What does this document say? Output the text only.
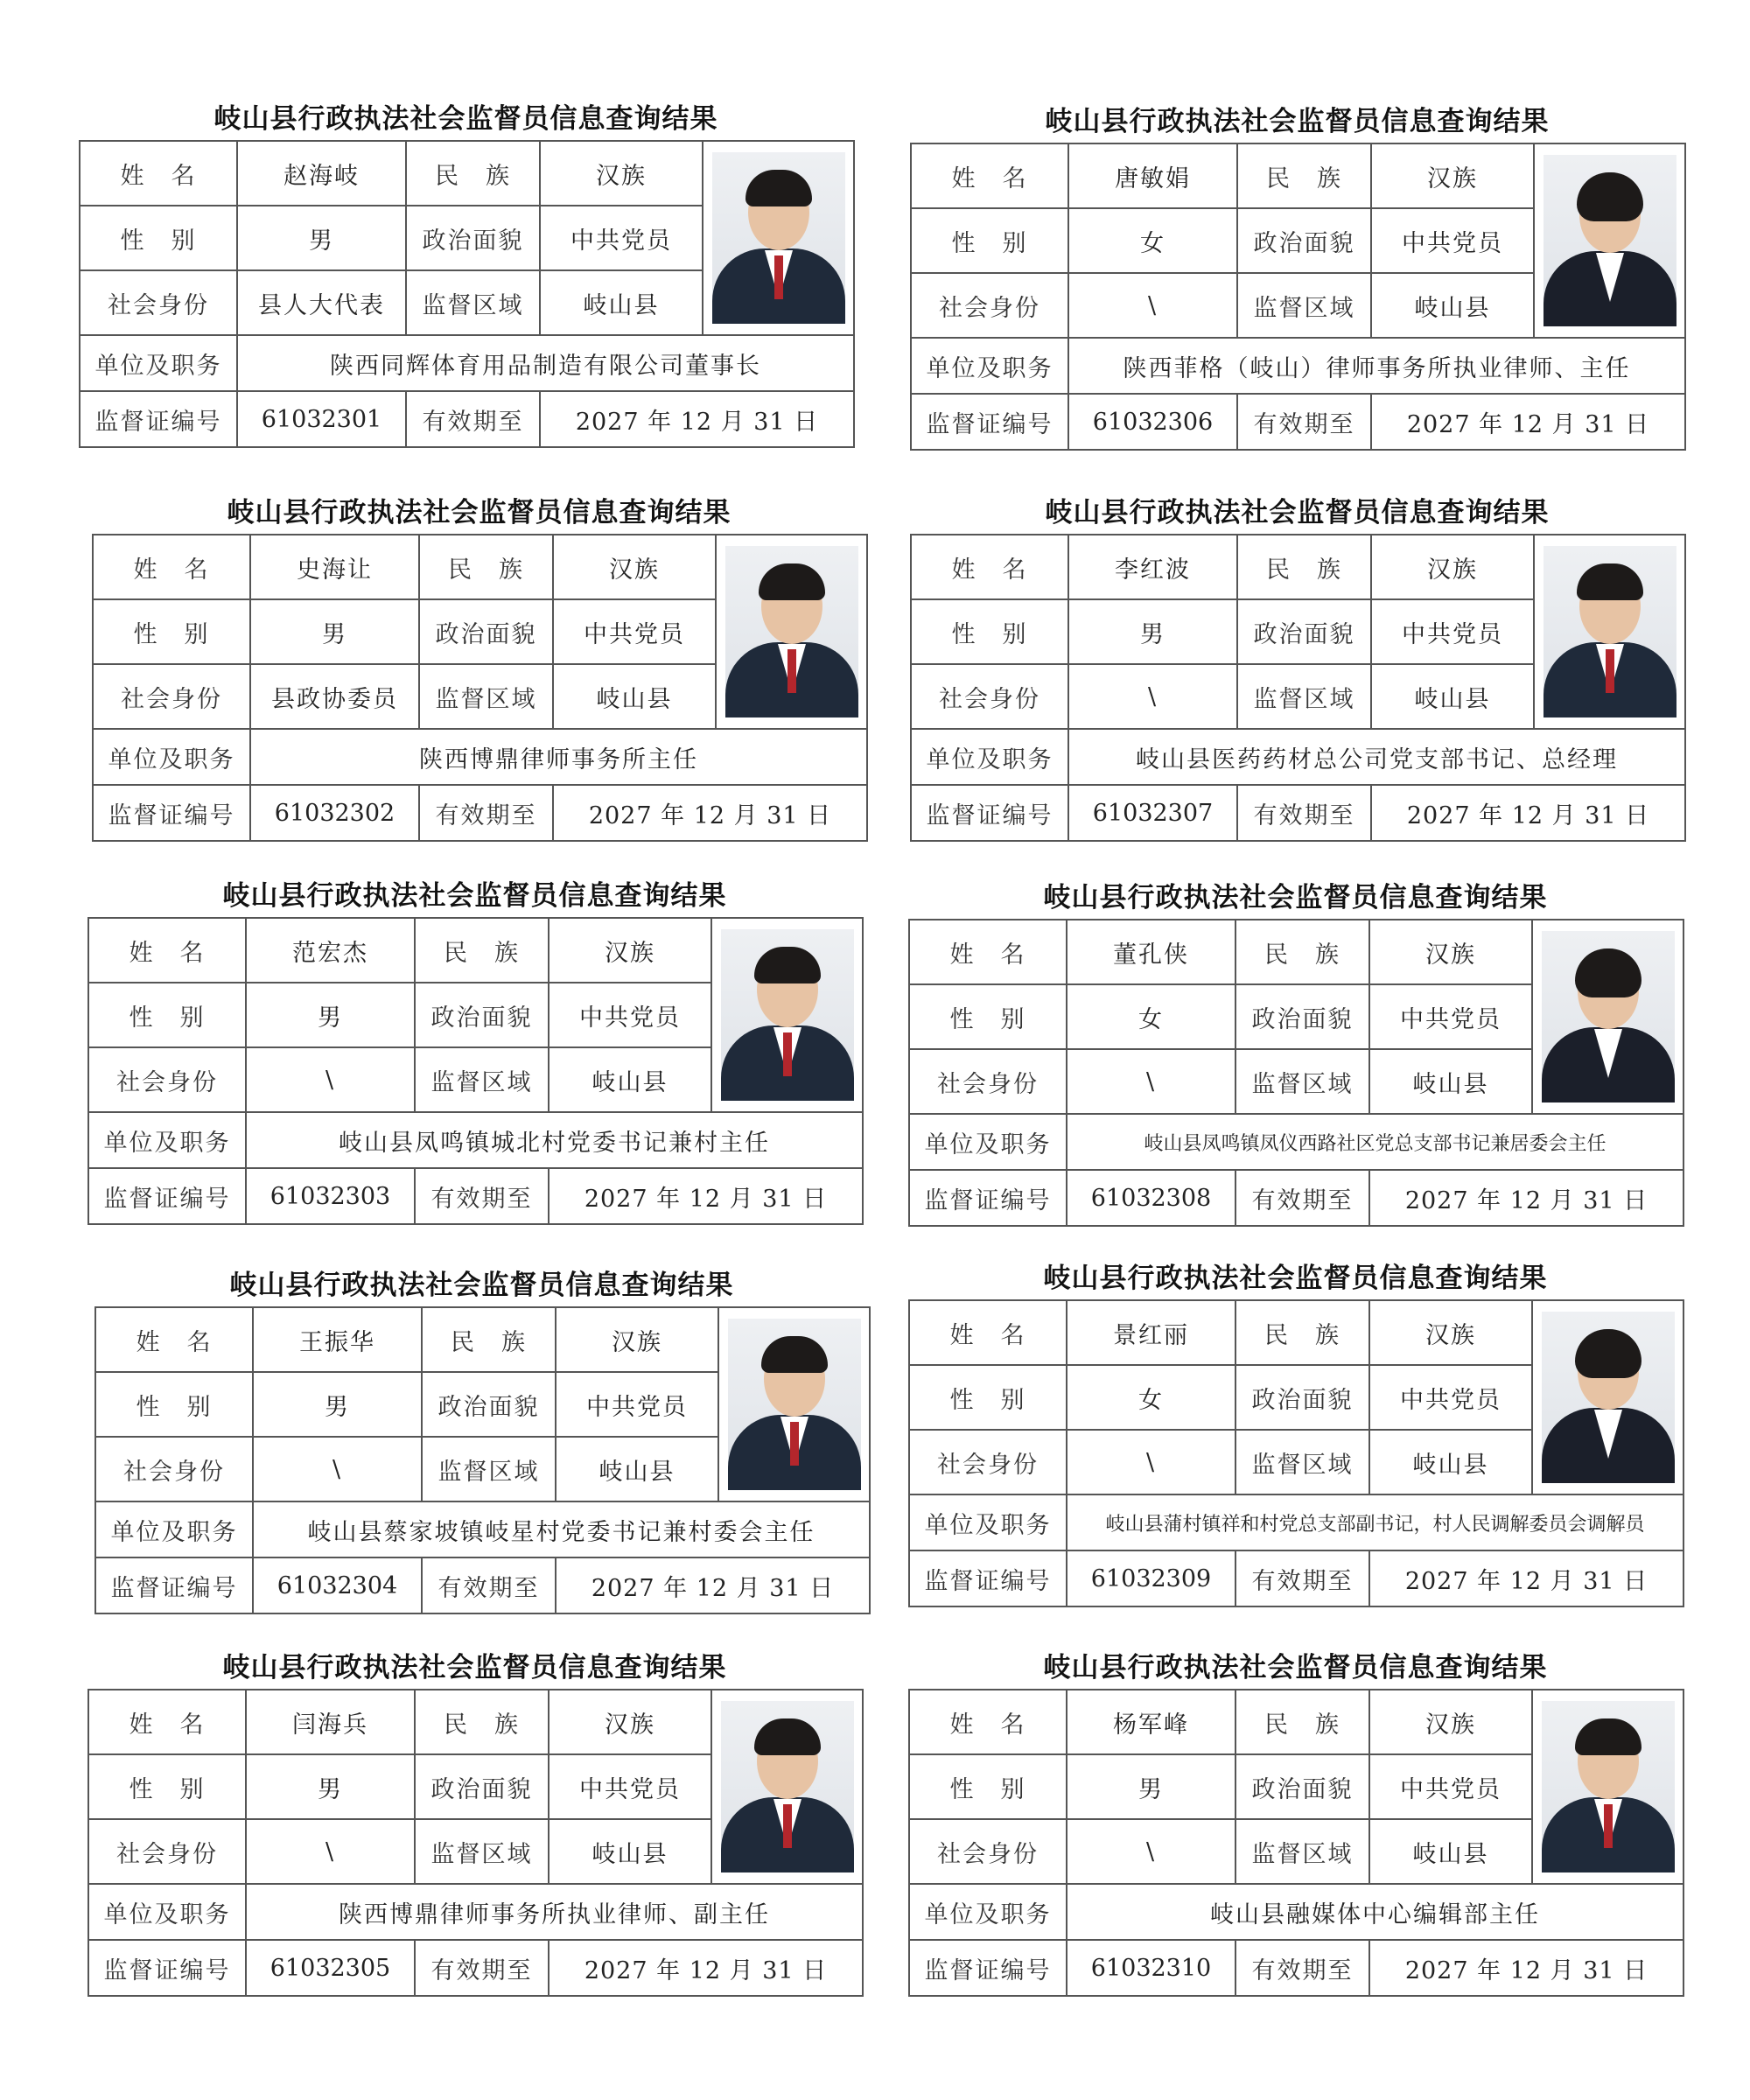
岐山县行政执法社会监督员信息查询结果
姓　名	赵海岐	民　族	汉族	

性　别	男	政治面貌	中共党员	
社会身份	县人大代表	监督区域	岐山县	
单位及职务	陕西同辉体育用品制造有限公司董事长			
监督证编号	61032301	有效期至	2027 年 12 月 31 日	
岐山县行政执法社会监督员信息查询结果
姓　名	唐敏娟	民　族	汉族	

性　别	女	政治面貌	中共党员	
社会身份	\	监督区域	岐山县	
单位及职务	陕西菲格（岐山）律师事务所执业律师、主任			
监督证编号	61032306	有效期至	2027 年 12 月 31 日	
岐山县行政执法社会监督员信息查询结果
姓　名	史海让	民　族	汉族	

性　别	男	政治面貌	中共党员	
社会身份	县政协委员	监督区域	岐山县	
单位及职务	陕西博鼎律师事务所主任			
监督证编号	61032302	有效期至	2027 年 12 月 31 日	
岐山县行政执法社会监督员信息查询结果
姓　名	李红波	民　族	汉族	

性　别	男	政治面貌	中共党员	
社会身份	\	监督区域	岐山县	
单位及职务	岐山县医药药材总公司党支部书记、总经理			
监督证编号	61032307	有效期至	2027 年 12 月 31 日	
岐山县行政执法社会监督员信息查询结果
姓　名	范宏杰	民　族	汉族	

性　别	男	政治面貌	中共党员	
社会身份	\	监督区域	岐山县	
单位及职务	岐山县凤鸣镇城北村党委书记兼村主任			
监督证编号	61032303	有效期至	2027 年 12 月 31 日	
岐山县行政执法社会监督员信息查询结果
姓　名	董孔侠	民　族	汉族	

性　别	女	政治面貌	中共党员	
社会身份	\	监督区域	岐山县	
单位及职务	岐山县凤鸣镇凤仪西路社区党总支部书记兼居委会主任			
监督证编号	61032308	有效期至	2027 年 12 月 31 日	
岐山县行政执法社会监督员信息查询结果
姓　名	王振华	民　族	汉族	

性　别	男	政治面貌	中共党员	
社会身份	\	监督区域	岐山县	
单位及职务	岐山县蔡家坡镇岐星村党委书记兼村委会主任			
监督证编号	61032304	有效期至	2027 年 12 月 31 日	
岐山县行政执法社会监督员信息查询结果
姓　名	景红丽	民　族	汉族	

性　别	女	政治面貌	中共党员	
社会身份	\	监督区域	岐山县	
单位及职务	岐山县蒲村镇祥和村党总支部副书记，村人民调解委员会调解员			
监督证编号	61032309	有效期至	2027 年 12 月 31 日	
岐山县行政执法社会监督员信息查询结果
姓　名	闫海兵	民　族	汉族	

性　别	男	政治面貌	中共党员	
社会身份	\	监督区域	岐山县	
单位及职务	陕西博鼎律师事务所执业律师、副主任			
监督证编号	61032305	有效期至	2027 年 12 月 31 日	
岐山县行政执法社会监督员信息查询结果
姓　名	杨军峰	民　族	汉族	

性　别	男	政治面貌	中共党员	
社会身份	\	监督区域	岐山县	
单位及职务	岐山县融媒体中心编辑部主任			
监督证编号	61032310	有效期至	2027 年 12 月 31 日	
